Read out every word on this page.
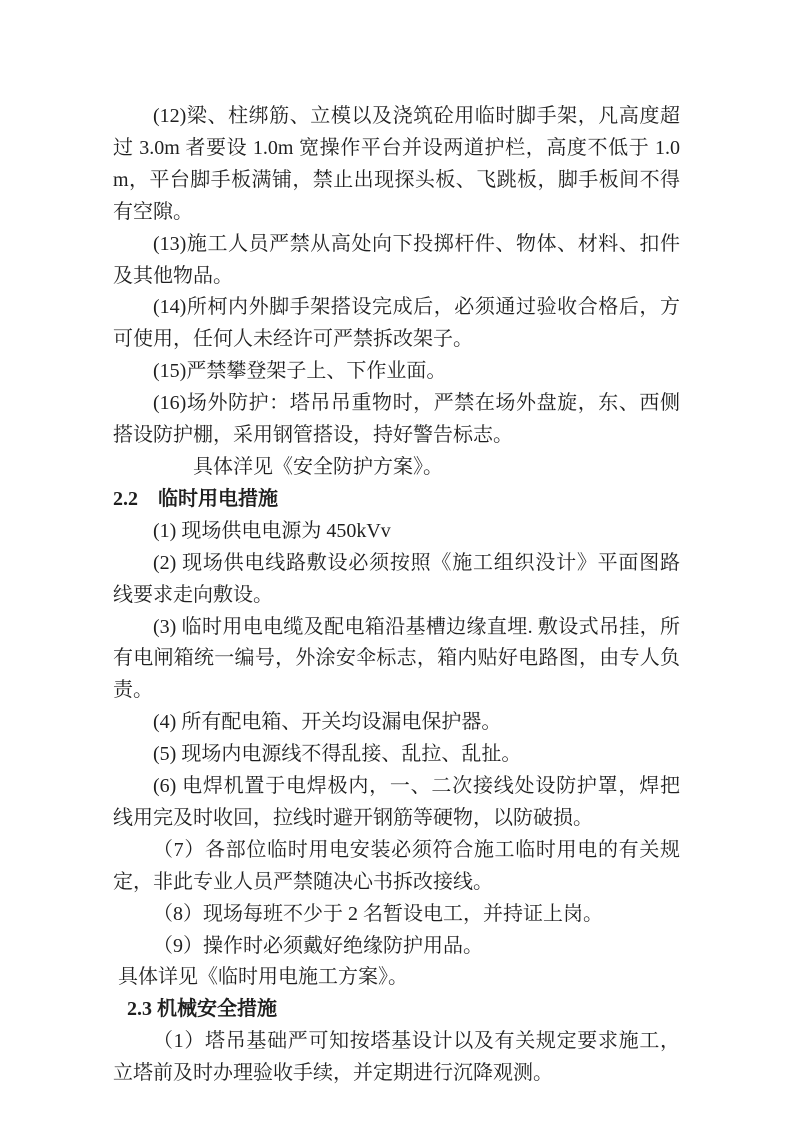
(12)梁、柱绑筋、立模以及浇筑砼用临时脚手架，凡高度超过 3.0m 者要设 1.0m 宽操作平台并设两道护栏，高度不低于 1.0m，平台脚手板满铺，禁止出现探头板、飞跳板，脚手板间不得有空隙。

(13)施工人员严禁从高处向下投掷杆件、物体、材料、扣件及其他物品。

(14)所柯内外脚手架搭设完成后，必须通过验收合格后，方可使用，任何人未经许可严禁拆改架子。

(15)严禁攀登架子上、下作业面。

(16)场外防护：塔吊吊重物时，严禁在场外盘旋，东、西侧搭设防护棚，采用钢管搭设，持好警告标志。

具体洋见《安全防护方案》。

2.2　临时用电措施

(1) 现场供电电源为 450kVv

(2) 现场供电线路敷设必须按照《施工组织没计》平面图路线要求走向敷设。

(3) 临时用电电缆及配电箱沿基槽边缘直埋. 敷设式吊挂，所有电闸箱统一编号，外涂安伞标志，箱内贴好电路图，由专人负责。

(4) 所有配电箱、开关均设漏电保护器。

(5) 现场内电源线不得乱接、乱拉、乱扯。

(6) 电焊机置于电焊极内，一、二次接线处设防护罩，焊把线用完及时收回，拉线时避开钢筋等硬物，以防破损。

（7）各部位临时用电安装必须符合施工临时用电的有关规定，非此专业人员严禁随决心书拆改接线。

（8）现场每班不少于 2 名暂设电工，并持证上岗。

（9）操作时必须戴好绝缘防护用品。

具体详见《临时用电施工方案》。

2.3 机械安全措施

（1）塔吊基础严可知按塔基设计以及有关规定要求施工，立塔前及时办理验收手续，并定期进行沉降观测。
